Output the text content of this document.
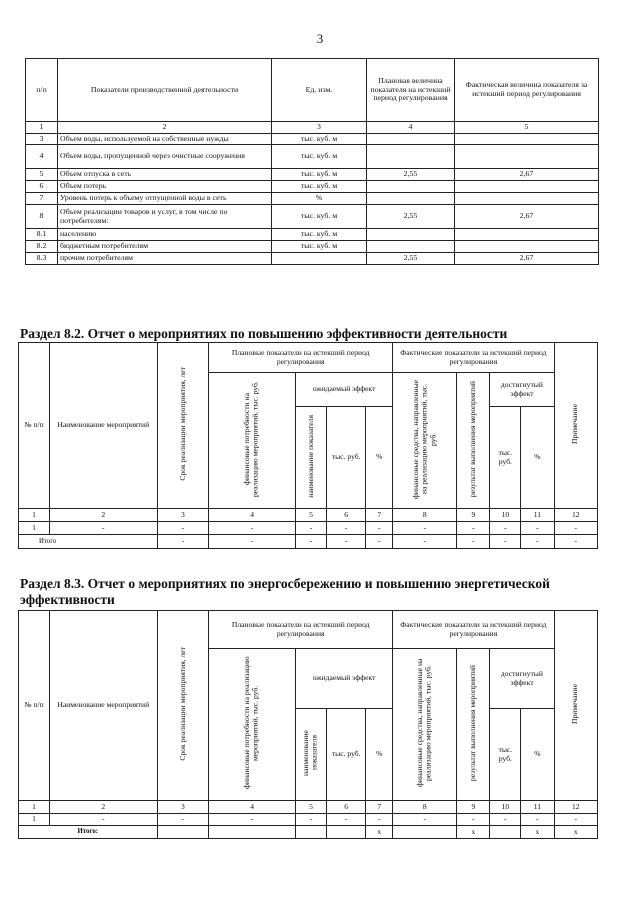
3
п/п	Показатели производственной деятельности	Ед. изм.	Плановая величина показателя на истекший период регулирования	Фактическая величина показателя за истекший период регулирования
1	2	3	4	5
3	Объем воды, используемой на собственные нужды	тыс. куб. м		
4	Объем воды, пропущенной через очистные сооружения	тыс. куб. м		
5	Объем отпуска в сеть	тыс. куб. м	2,55	2,67
6	Объем потерь	тыс. куб. м		
7	Уровень потерь к объему отпущенной воды в сеть	%		
8	Объем реализации товаров и услуг, в том числе по потребителям:	тыс. куб. м	2,55	2,67
8.1	населению	тыс. куб. м		
8.2	бюджетным потребителям	тыс. куб. м		
8.3	прочим потребителям		2,55	2,67
Раздел 8.2. Отчет о мероприятиях по повышению эффективности деятельности
№ п/п	Наименование мероприятий	Срок реализации мероприятия, лет	Плановые показатели на истекший период регулирования				Фактические показатели за истекший период регулирования				Примечание
			финансовые потребности на реализацию мероприятий, тыс. руб.	ожидаемый эффект			финансовые средства, направленные на реализацию мероприятий, тыс. руб.	результат выполнения мероприятий	достигнутый эффект		
				наименование показателя	тыс. руб.	%			тыс. руб.	%	

1	2	3	4	5	6	7	8	9	10	11	12
1	-	-	-	-	-	-	-	-	-	-	-
Итого		-	-	-	-	-	-	-	-	-	-
Раздел 8.3. Отчет о мероприятиях по энергосбережению и повышению энергетической эффективности
№ п/п	Наименование мероприятий	Срок реализации мероприятия, лет	Плановые показатели на истекший период регулирования				Фактические показатели за истекший период регулирования				Примечание
			финансовые потребности на реализацию мероприятий, тыс. руб.	ожидаемый эффект			финансовые средства, направленные на реализацию мероприятий, тыс. руб.	результат выполнения мероприятий	достигнутый эффект		
				наименование показателя	тыс. руб.	%			тыс. руб.	%	

1	2	3	4	5	6	7	8	9	10	11	12
1	-	-	-	-	-	-	-	-	-	-	-
Итого:						x		x		x	x
